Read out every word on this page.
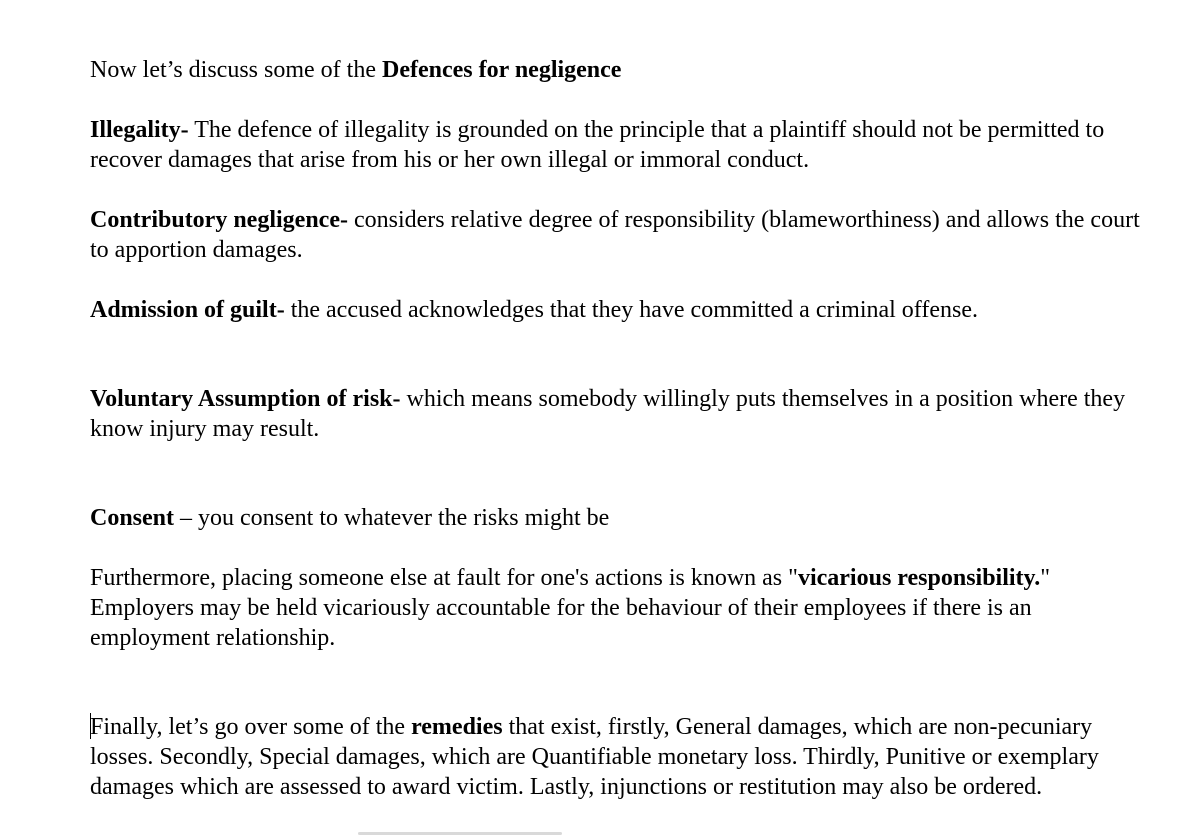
Now let’s discuss some of the Defences for negligence

Illegality- The defence of illegality is grounded on the principle that a plaintiff should not be permitted to recover damages that arise from his or her own illegal or immoral conduct.

Contributory negligence- considers relative degree of responsibility (blameworthiness) and allows the court to apportion damages.

Admission of guilt- the accused acknowledges that they have committed a criminal offense.

Voluntary Assumption of risk- which means somebody willingly puts themselves in a position where they know injury may result.

Consent – you consent to whatever the risks might be

Furthermore, placing someone else at fault for one's actions is known as "vicarious responsibility." Employers may be held vicariously accountable for the behaviour of their employees if there is an employment relationship.

Finally, let’s go over some of the remedies that exist, firstly, General damages, which are non-pecuniary losses. Secondly, Special damages, which are Quantifiable monetary loss. Thirdly, Punitive or exemplary damages which are assessed to award victim. Lastly, injunctions or restitution may also be ordered.
